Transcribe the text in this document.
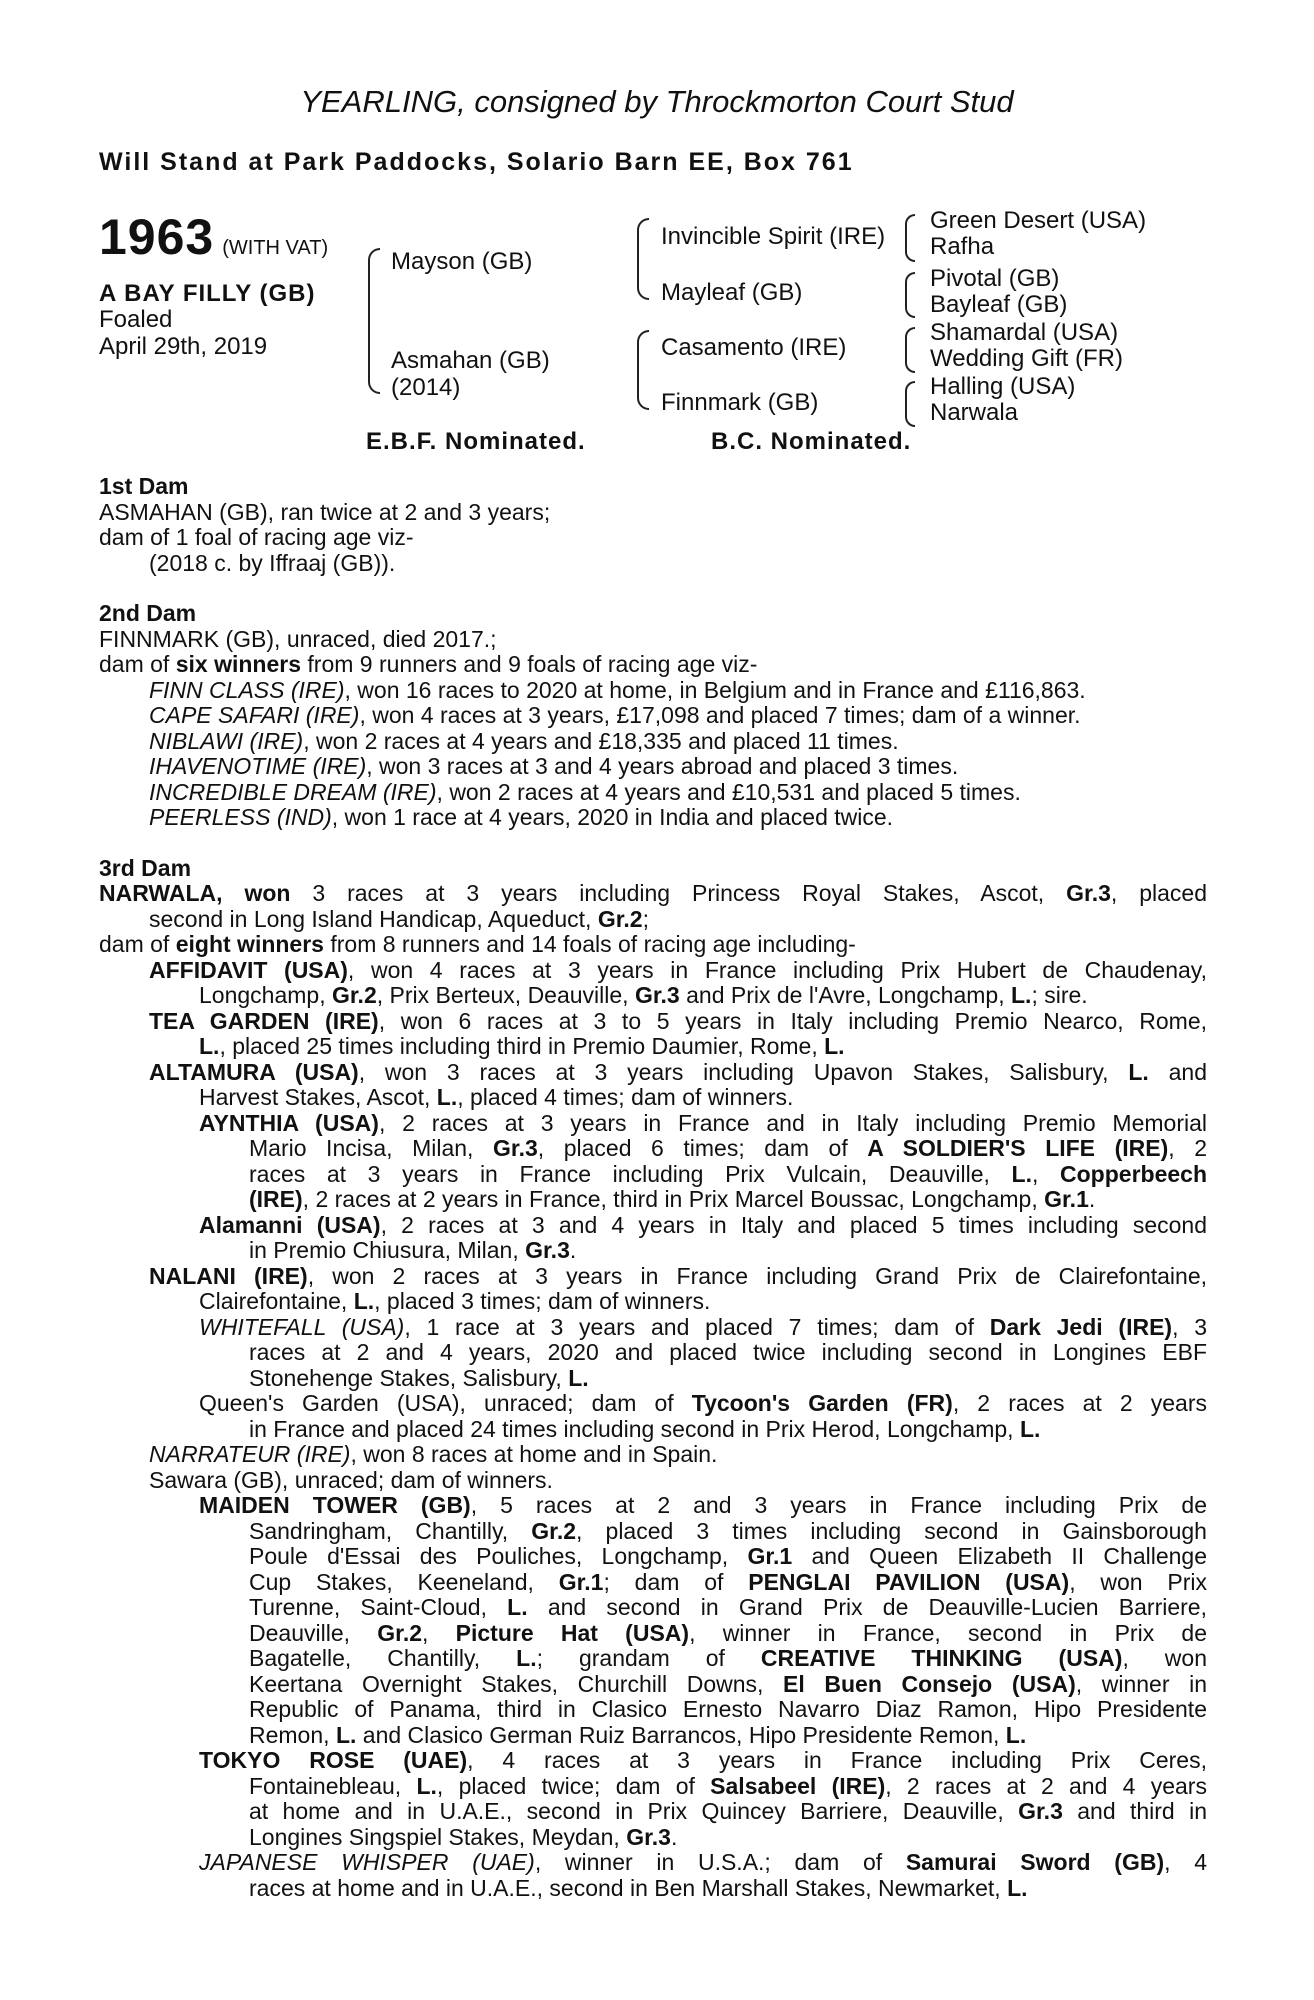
YEARLING, consigned by Throckmorton Court Stud
Will Stand at Park Paddocks, Solario Barn EE, Box 761
1963 (WITH VAT)
A BAY FILLY (GB)
Foaled
April 29th, 2019
Mayson (GB)
Asmahan (GB)
(2014)
Invincible Spirit (IRE)
Mayleaf (GB)
Casamento (IRE)
Finnmark (GB)
Green Desert (USA)
Rafha
Pivotal (GB)
Bayleaf (GB)
Shamardal (USA)
Wedding Gift (FR)
Halling (USA)
Narwala
E.B.F. Nominated.	B.C. Nominated.
1st Dam
ASMAHAN (GB), ran twice at 2 and 3 years;
dam of 1 foal of racing age viz-
(2018 c. by Iffraaj (GB)).
2nd Dam
FINNMARK (GB), unraced, died 2017.;
dam of six winners from 9 runners and 9 foals of racing age viz-
FINN CLASS (IRE), won 16 races to 2020 at home, in Belgium and in France and £116,863.
CAPE SAFARI (IRE), won 4 races at 3 years, £17,098 and placed 7 times; dam of a winner.
NIBLAWI (IRE), won 2 races at 4 years and £18,335 and placed 11 times.
IHAVENOTIME (IRE), won 3 races at 3 and 4 years abroad and placed 3 times.
INCREDIBLE DREAM (IRE), won 2 races at 4 years and £10,531 and placed 5 times.
PEERLESS (IND), won 1 race at 4 years, 2020 in India and placed twice.
3rd Dam
NARWALA, won 3 races at 3 years including Princess Royal Stakes, Ascot, Gr.3, placed
second in Long Island Handicap, Aqueduct, Gr.2;
dam of eight winners from 8 runners and 14 foals of racing age including-
AFFIDAVIT (USA), won 4 races at 3 years in France including Prix Hubert de Chaudenay,
Longchamp, Gr.2, Prix Berteux, Deauville, Gr.3 and Prix de l'Avre, Longchamp, L.; sire.
TEA GARDEN (IRE), won 6 races at 3 to 5 years in Italy including Premio Nearco, Rome,
L., placed 25 times including third in Premio Daumier, Rome, L.
ALTAMURA (USA), won 3 races at 3 years including Upavon Stakes, Salisbury, L. and
Harvest Stakes, Ascot, L., placed 4 times; dam of winners.
AYNTHIA (USA), 2 races at 3 years in France and in Italy including Premio Memorial
Mario Incisa, Milan, Gr.3, placed 6 times; dam of A SOLDIER'S LIFE (IRE), 2
races at 3 years in France including Prix Vulcain, Deauville, L., Copperbeech
(IRE), 2 races at 2 years in France, third in Prix Marcel Boussac, Longchamp, Gr.1.
Alamanni (USA), 2 races at 3 and 4 years in Italy and placed 5 times including second
in Premio Chiusura, Milan, Gr.3.
NALANI (IRE), won 2 races at 3 years in France including Grand Prix de Clairefontaine,
Clairefontaine, L., placed 3 times; dam of winners.
WHITEFALL (USA), 1 race at 3 years and placed 7 times; dam of Dark Jedi (IRE), 3
races at 2 and 4 years, 2020 and placed twice including second in Longines EBF
Stonehenge Stakes, Salisbury, L.
Queen's Garden (USA), unraced; dam of Tycoon's Garden (FR), 2 races at 2 years
in France and placed 24 times including second in Prix Herod, Longchamp, L.
NARRATEUR (IRE), won 8 races at home and in Spain.
Sawara (GB), unraced; dam of winners.
MAIDEN TOWER (GB), 5 races at 2 and 3 years in France including Prix de
Sandringham, Chantilly, Gr.2, placed 3 times including second in Gainsborough
Poule d'Essai des Pouliches, Longchamp, Gr.1 and Queen Elizabeth II Challenge
Cup Stakes, Keeneland, Gr.1; dam of PENGLAI PAVILION (USA), won Prix
Turenne, Saint-Cloud, L. and second in Grand Prix de Deauville-Lucien Barriere,
Deauville, Gr.2, Picture Hat (USA), winner in France, second in Prix de
Bagatelle, Chantilly, L.; grandam of CREATIVE THINKING (USA), won
Keertana Overnight Stakes, Churchill Downs, El Buen Consejo (USA), winner in
Republic of Panama, third in Clasico Ernesto Navarro Diaz Ramon, Hipo Presidente
Remon, L. and Clasico German Ruiz Barrancos, Hipo Presidente Remon, L.
TOKYO ROSE (UAE), 4 races at 3 years in France including Prix Ceres,
Fontainebleau, L., placed twice; dam of Salsabeel (IRE), 2 races at 2 and 4 years
at home and in U.A.E., second in Prix Quincey Barriere, Deauville, Gr.3 and third in
Longines Singspiel Stakes, Meydan, Gr.3.
JAPANESE WHISPER (UAE), winner in U.S.A.; dam of Samurai Sword (GB), 4
races at home and in U.A.E., second in Ben Marshall Stakes, Newmarket, L.
